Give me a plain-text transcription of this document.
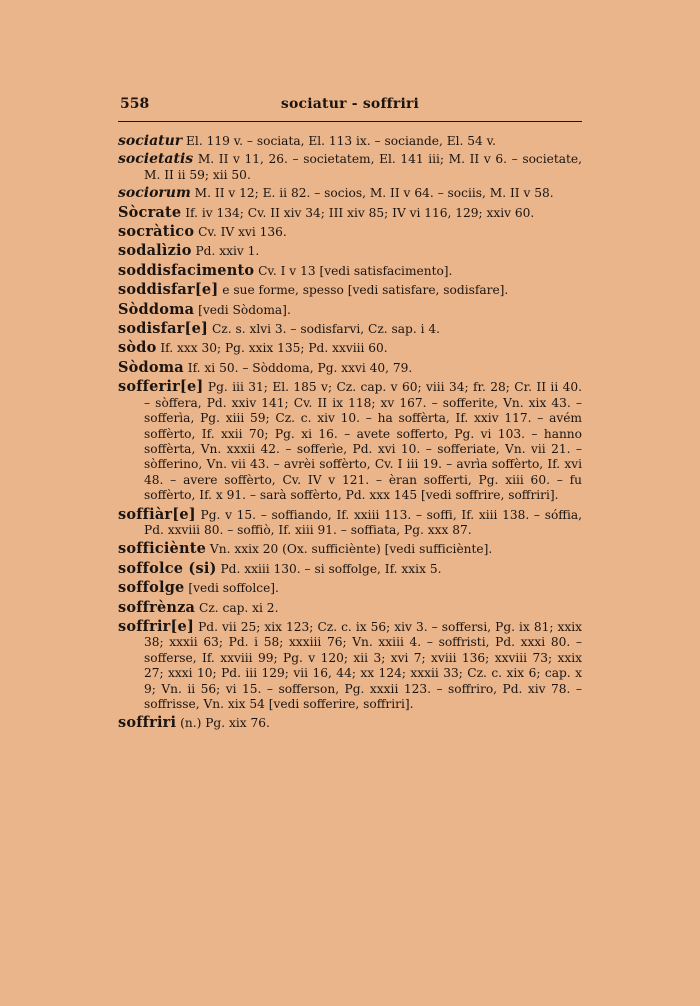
558	sociatur - soffriri
sociatur El. 119 v. – sociata, El. 113 ix. – sociande, El. 54 v.
societatis M. II v 11, 26. – societatem, El. 141 iii; M. II v 6. – societate, M. II ii 59; xii 50.
sociorum M. II v 12; E. ii 82. – socios, M. II v 64. – sociis, M. II v 58.
Sòcrate If. iv 134; Cv. II xiv 34; III xiv 85; IV vi 116, 129; xxiv 60.
socràtico Cv. IV xvi 136.
sodalìzio Pd. xxiv 1.
soddisfacimento Cv. I v 13 [vedi satisfacimento].
soddisfar[e] e sue forme, spesso [vedi satisfare, sodisfare].
Sòddoma [vedi Sòdoma].
sodisfar[e] Cz. s. xlvi 3. – sodisfarvi, Cz. sap. i 4.
sòdo If. xxx 30; Pg. xxix 135; Pd. xxviii 60.
Sòdoma If. xi 50. – Sòddoma, Pg. xxvi 40, 79.
sofferir[e] Pg. iii 31; El. 185 v; Cz. cap. v 60; viii 34; fr. 28; Cr. II ii 40. – sòffera, Pd. xxiv 141; Cv. II ix 118; xv 167. – sofferite, Vn. xix 43. – sofferìa, Pg. xiii 59; Cz. c. xiv 10. – ha soffèrta, If. xxiv 117. – avém soffèrto, If. xxii 70; Pg. xi 16. – avete sofferto, Pg. vi 103. – hanno soffèrta, Vn. xxxii 42. – sofferìe, Pd. xvi 10. – sofferiate, Vn. vii 21. – sòfferino, Vn. vii 43. – avrèi soffèrto, Cv. I iii 19. – avrìa soffèrto, If. xvi 48. – avere soffèrto, Cv. IV v 121. – èran sofferti, Pg. xiii 60. – fu soffèrto, If. x 91. – sarà soffèrto, Pd. xxx 145 [vedi soffrire, soffriri].
soffiàr[e] Pg. v 15. – soffiando, If. xxiii 113. – soffi, If. xiii 138. – sóffia, Pd. xxviii 80. – soffiò, If. xiii 91. – soffiata, Pg. xxx 87.
sofficiènte Vn. xxix 20 (Ox. sufficiènte) [vedi sufficiènte].
soffolce (si) Pd. xxiii 130. – si soffolge, If. xxix 5.
soffolge [vedi soffolce].
soffrènza Cz. cap. xi 2.
soffrir[e] Pd. vii 25; xix 123; Cz. c. ix 56; xiv 3. – soffersi, Pg. ix 81; xxix 38; xxxii 63; Pd. i 58; xxxiii 76; Vn. xxiii 4. – soffristi, Pd. xxxi 80. – sofferse, If. xxviii 99; Pg. v 120; xii 3; xvi 7; xviii 136; xxviii 73; xxix 27; xxxi 10; Pd. iii 129; vii 16, 44; xx 124; xxxii 33; Cz. c. xix 6; cap. x 9; Vn. ii 56; vi 15. – sofferson, Pg. xxxii 123. – soffriro, Pd. xiv 78. – soffrisse, Vn. xix 54 [vedi sofferire, soffriri].
soffriri (n.) Pg. xix 76.
